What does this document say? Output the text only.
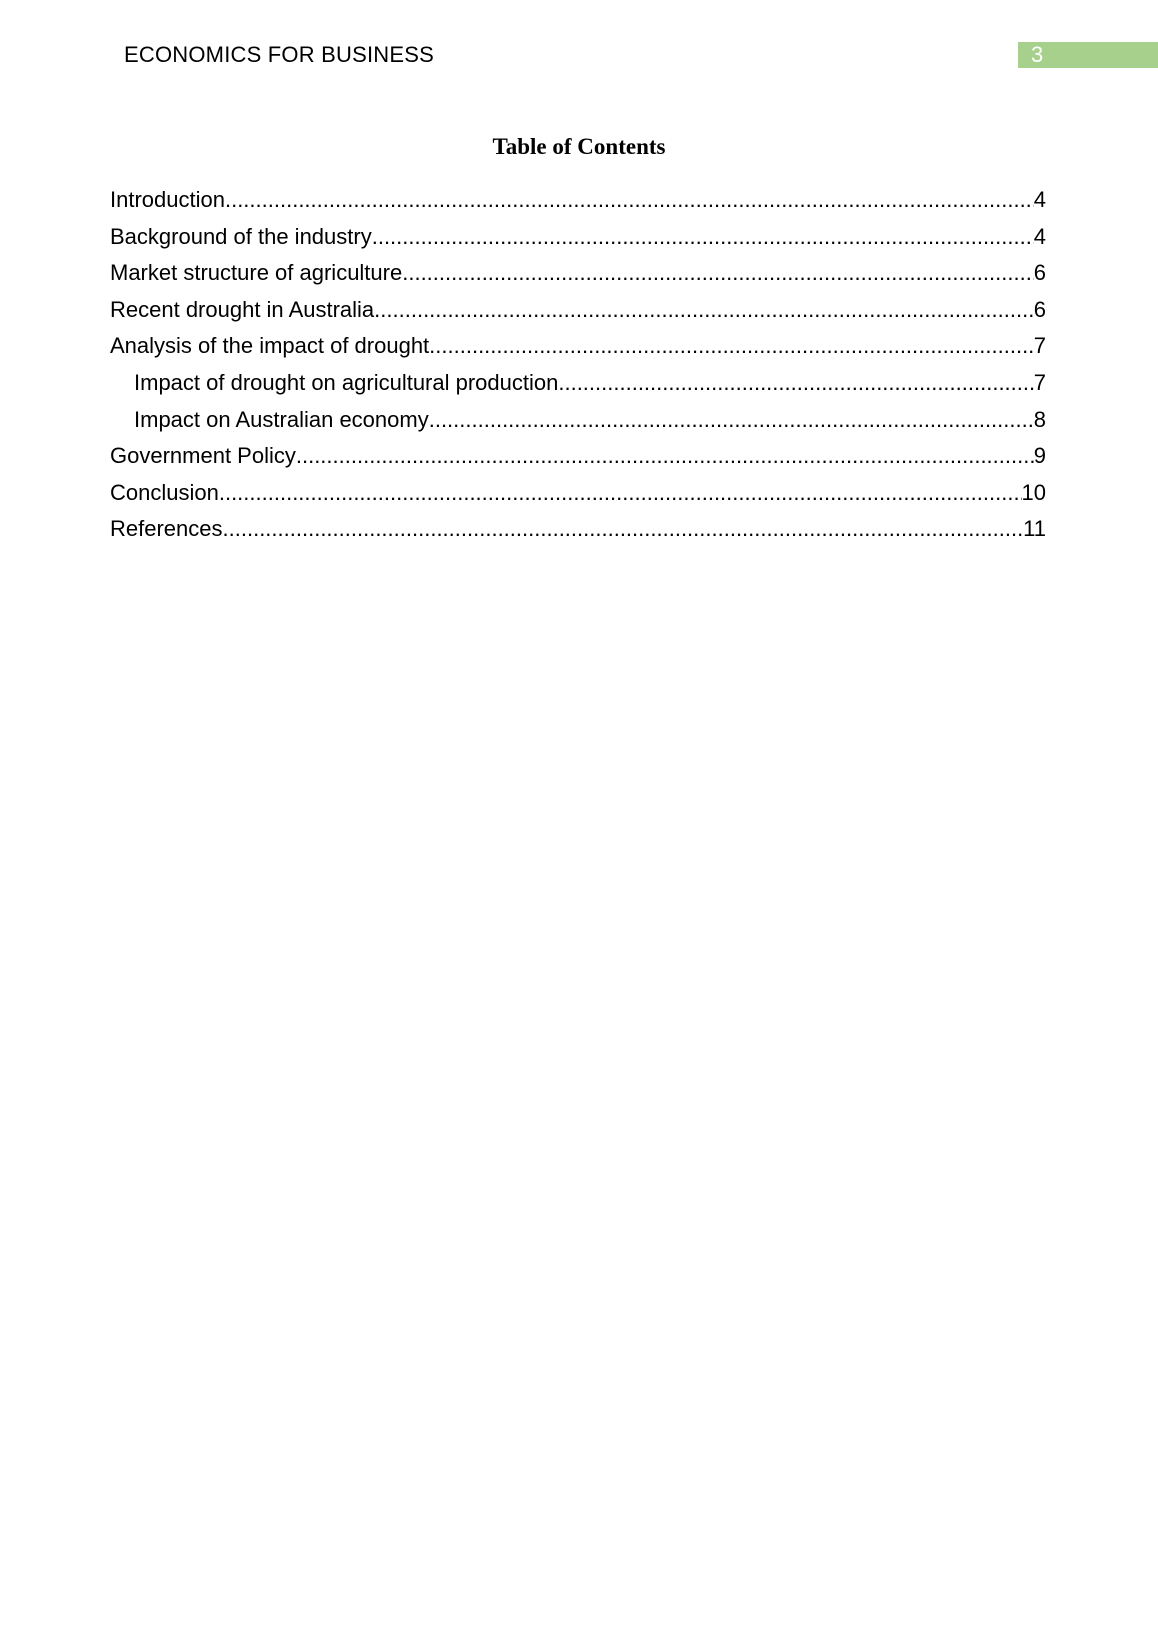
ECONOMICS FOR BUSINESS	3
Table of Contents
Introduction .....	4
Background of the industry .....	4
Market structure of agriculture .....	6
Recent drought in Australia .....	6
Analysis of the impact of drought .....	7
Impact of drought on agricultural production .....	7
Impact on Australian economy .....	8
Government Policy .....	9
Conclusion .....	10
References .....	11
